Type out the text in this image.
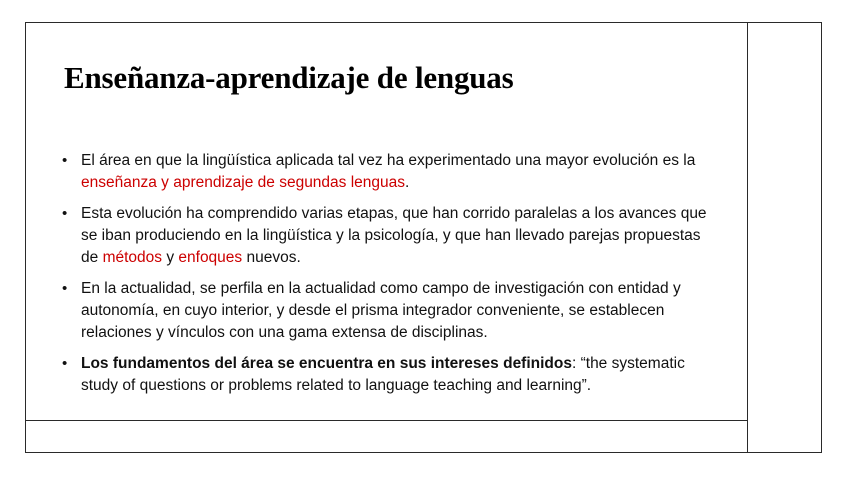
Enseñanza-aprendizaje de lenguas
• El área en que la lingüística aplicada tal vez ha experimentado una mayor evolución es la enseñanza y aprendizaje de segundas lenguas.
• Esta evolución ha comprendido varias etapas, que han corrido paralelas a los avances que se iban produciendo en la lingüística y la psicología, y que han llevado parejas propuestas de métodos y enfoques nuevos.
• En la actualidad, se perfila en la actualidad como campo de investigación con entidad y autonomía, en cuyo interior, y desde el prisma integrador conveniente, se establecen relaciones y vínculos con una gama extensa de disciplinas.
• Los fundamentos del área se encuentra en sus intereses definidos: “the systematic study of questions or problems related to language teaching and learning”.
